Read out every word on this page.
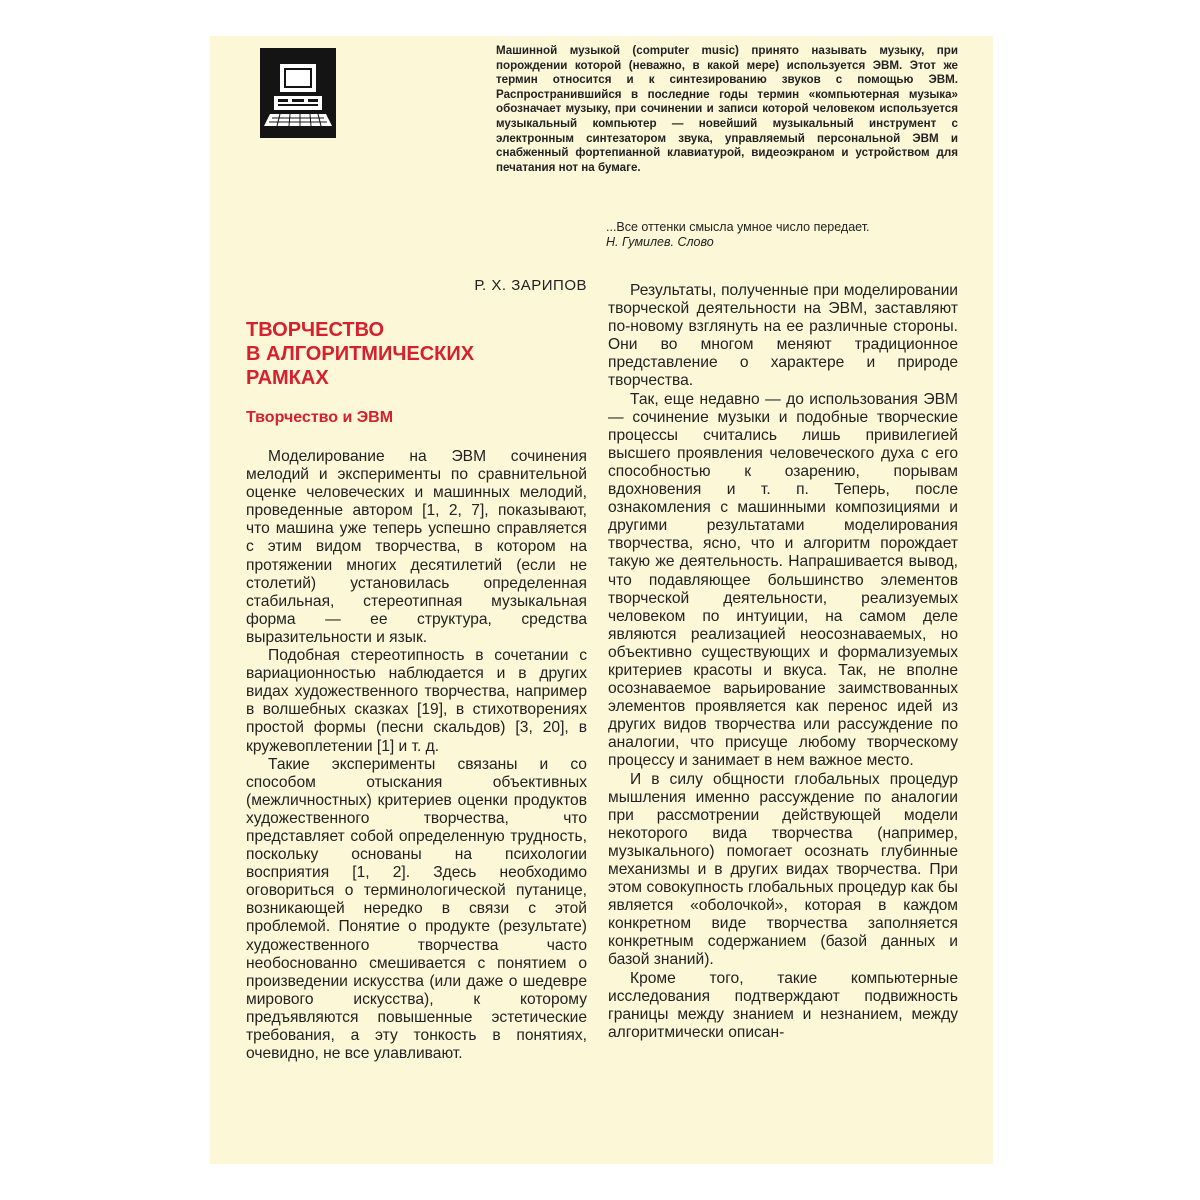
Машинной музыкой (computer music) принято называть музыку, при порождении которой (неважно, в какой мере) используется ЭВМ. Этот же термин относится и к синтезированию звуков с помощью ЭВМ. Распространившийся в последние годы термин «компьютерная музыка» обозначает музыку, при сочинении и записи которой человеком используется музыкальный компьютер — новейший музыкальный инструмент с электронным синтезатором звука, управляемый персональной ЭВМ и снабженный фортепианной клавиатурой, видеоэкраном и устройством для печатания нот на бумаге.

...Все оттенки смысла умное число передает.
Н. Гумилев. Слово
Р. Х. ЗАРИПОВ
ТВОРЧЕСТВО
В АЛГОРИТМИЧЕСКИХ
РАМКАХ
Творчество и ЭВМ

Моделирование на ЭВМ сочинения мелодий и эксперименты по сравнительной оценке человеческих и машинных мелодий, проведенные автором [1, 2, 7], показывают, что машина уже теперь успешно справляется с этим видом творчества, в котором на протяжении многих десятилетий (если не столетий) установилась определенная стабильная, стереотипная музыкальная форма — ее структура, средства выразительности и язык.

Подобная стереотипность в сочетании с вариационностью наблюдается и в других видах художественного творчества, например в волшебных сказках [19], в стихотворениях простой формы (песни скальдов) [3, 20], в кружевоплетении [1] и т. д.

Такие эксперименты связаны и со способом отыскания объективных (межличностных) критериев оценки продуктов художественного творчества, что представляет собой определенную трудность, поскольку основаны на психологии восприятия [1, 2]. Здесь необходимо оговориться о терминологической путанице, возникающей нередко в связи с этой проблемой. Понятие о продукте (результате) художественного творчества часто необоснованно смешивается с понятием о произведении искусства (или даже о шедевре мирового искусства), к которому предъявляются повышенные эстетические требования, а эту тонкость в понятиях, очевидно, не все улавливают.

Результаты, полученные при моделировании творческой деятельности на ЭВМ, заставляют по-новому взглянуть на ее различные стороны. Они во многом меняют традиционное представление о характере и природе творчества.

Так, еще недавно — до использования ЭВМ — сочинение музыки и подобные творческие процессы считались лишь привилегией высшего проявления человеческого духа с его способностью к озарению, порывам вдохновения и т. п. Теперь, после ознакомления с машинными композициями и другими результатами моделирования творчества, ясно, что и алгоритм порождает такую же деятельность. Напрашивается вывод, что подавляющее большинство элементов творческой деятельности, реализуемых человеком по интуиции, на самом деле являются реализацией неосознаваемых, но объективно существующих и формализуемых критериев красоты и вкуса. Так, не вполне осознаваемое варьирование заимствованных элементов проявляется как перенос идей из других видов творчества или рассуждение по аналогии, что присуще любому творческому процессу и занимает в нем важное место.

И в силу общности глобальных процедур мышления именно рассуждение по аналогии при рассмотрении действующей модели некоторого вида творчества (например, музыкального) помогает осознать глубинные механизмы и в других видах творчества. При этом совокупность глобальных процедур как бы является «оболочкой», которая в каждом конкретном виде творчества заполняется конкретным содержанием (базой данных и базой знаний).

Кроме того, такие компьютерные исследования подтверждают подвижность границы между знанием и незнанием, между алгоритмически описан-
